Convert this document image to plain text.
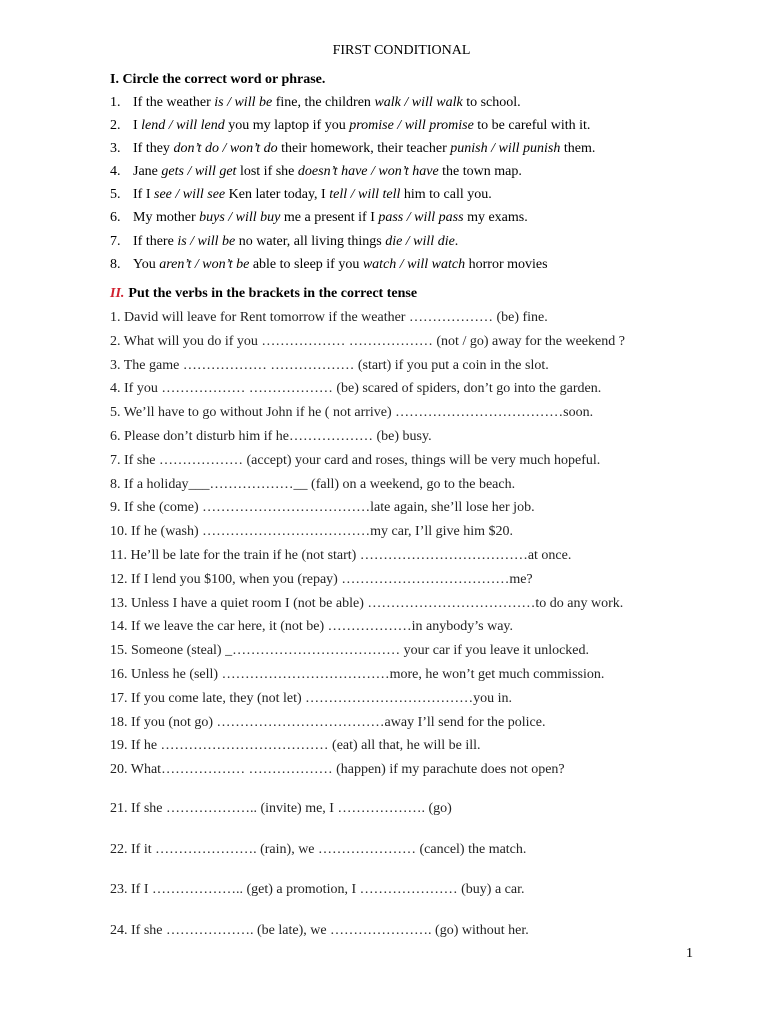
FIRST CONDITIONAL
I. Circle the correct word or phrase.
1. If the weather is / will be fine, the children walk / will walk to school.
2. I lend / will lend you my laptop if you promise / will promise to be careful with it.
3. If they don’t do / won’t do their homework, their teacher punish / will punish them.
4. Jane gets / will get lost if she doesn’t have / won’t have the town map.
5. If I see / will see Ken later today, I tell / will tell him to call you.
6. My mother buys / will buy me a present if I pass / will pass my exams.
7. If there is / will be no water, all living things die / will die.
8. You aren’t / won’t be able to sleep if you watch / will watch horror movies
II. Put the verbs in the brackets in the correct tense
1. David will leave for Rent tomorrow if the weather ……………… (be) fine.
2. What will you do if you ……………… ……………… (not / go) away for the weekend ?
3. The game ……………… ……………… (start) if you put a coin in the slot.
4. If you ……………… ……………… (be) scared of spiders, don’t go into the garden.
5. We’ll have to go without John if he ( not arrive) ………………………………soon.
6. Please don’t disturb him if he……………… (be) busy.
7. If she ……………… (accept) your card and roses, things will be very much hopeful.
8. If a holiday___………………__ (fall) on a weekend, go to the beach.
9. If she (come) ………………………………late again, she’ll lose her job.
10. If he (wash) ………………………………my car, I’ll give him $20.
11. He’ll be late for the train if he (not start) ………………………………at once.
12. If I lend you $100, when you (repay) ………………………………me?
13. Unless I have a quiet room I (not be able) ………………………………to do any work.
14. If we leave the car here, it (not be) ………………in anybody’s way.
15. Someone (steal) _……………………………… your car if you leave it unlocked.
16. Unless he (sell) ………………………………more, he won’t get much commission.
17. If you come late, they (not let) ………………………………you in.
18. If you (not go) ………………………………away I’ll send for the police.
19. If he ……………………………… (eat) all that, he will be ill.
20. What……………… ……………… (happen) if my parachute does not open?
21. If she ……………….. (invite) me, I ………………. (go)
22. If it …………………. (rain), we ………………… (cancel) the match.
23. If I ……………….. (get) a promotion, I ………………… (buy) a car.
24. If she ………………. (be late), we …………………. (go) without her.
1
